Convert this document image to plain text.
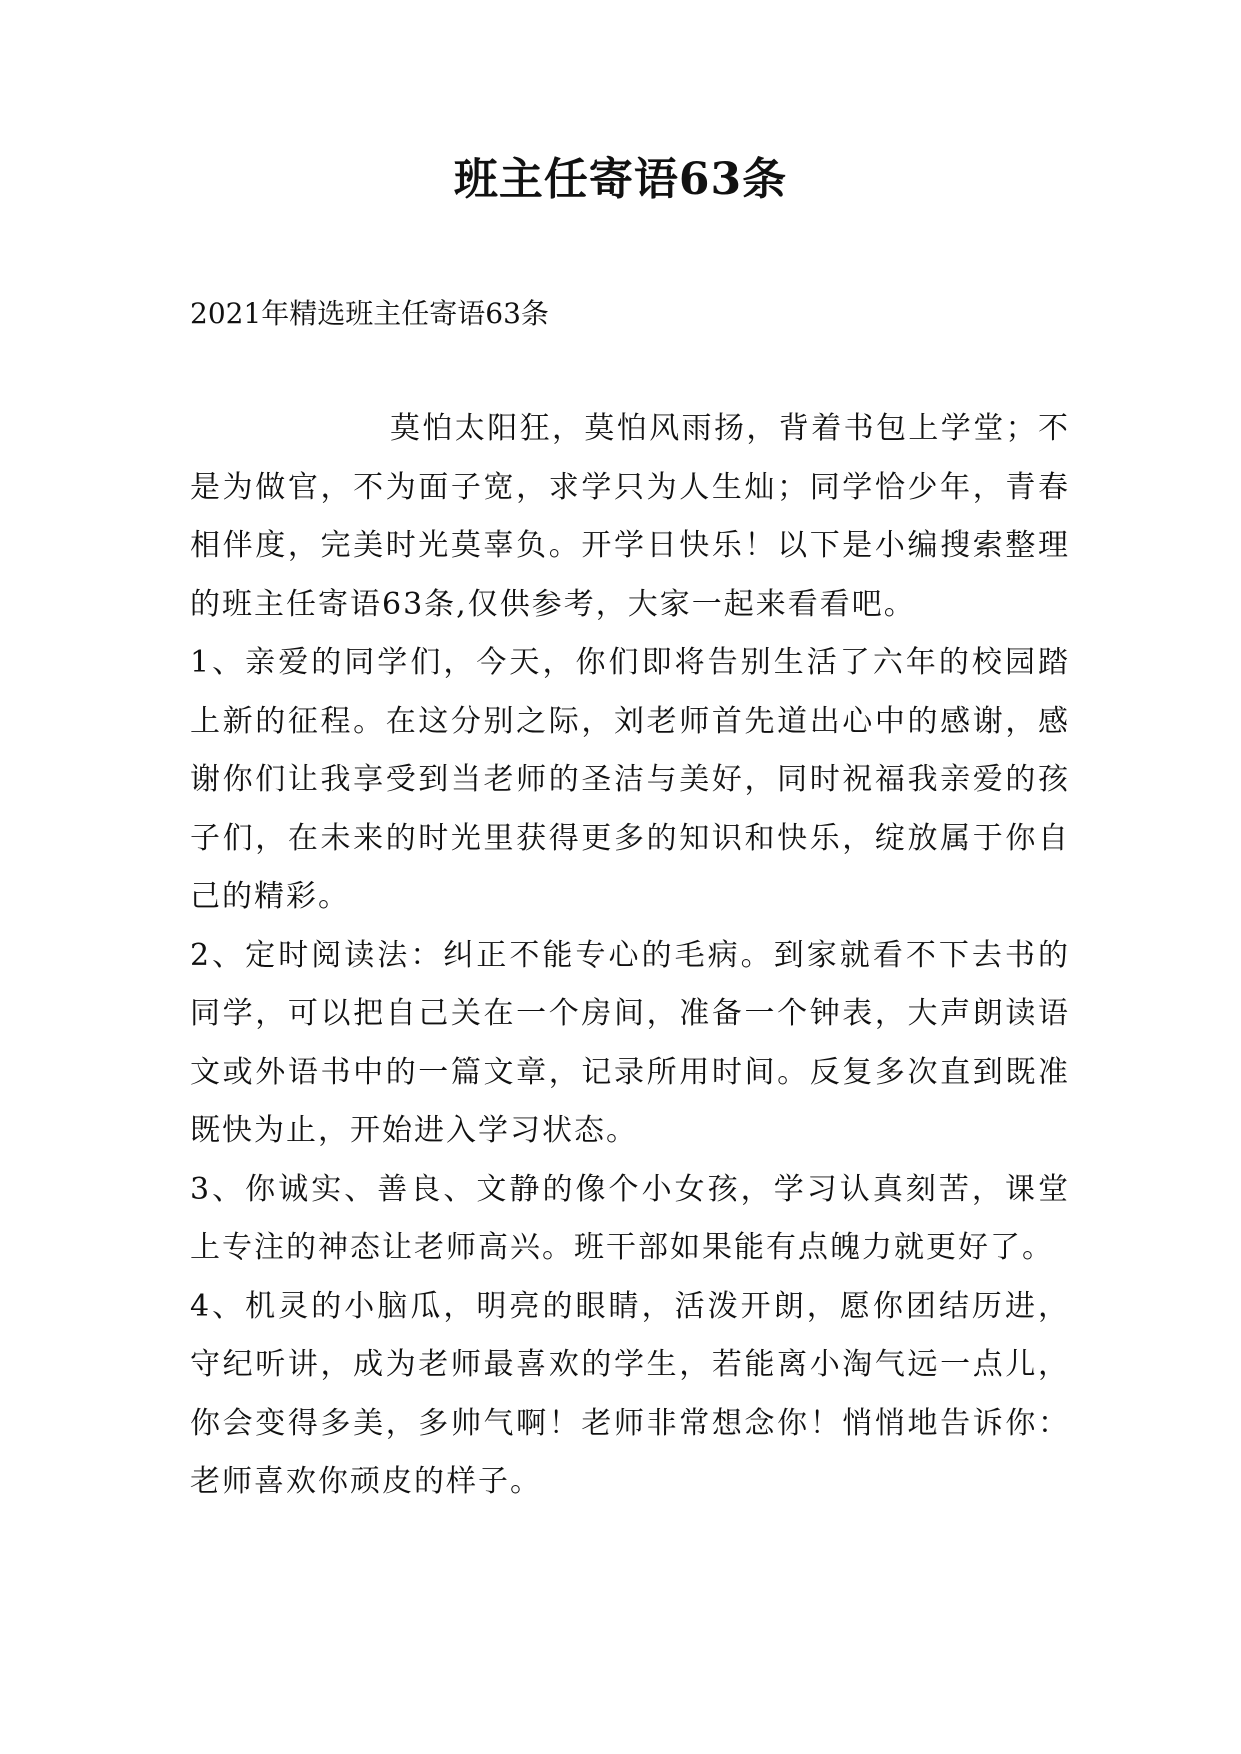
班主任寄语63条

2021年精选班主任寄语63条

莫怕太阳狂，莫怕风雨扬，背着书包上学堂；不是为做官，不为面子宽，求学只为人生灿；同学恰少年，青春相伴度，完美时光莫辜负。开学日快乐！以下是小编搜索整理的班主任寄语63条,仅供参考，大家一起来看看吧。

1、亲爱的同学们，今天，你们即将告别生活了六年的校园踏上新的征程。在这分别之际，刘老师首先道出心中的感谢，感谢你们让我享受到当老师的圣洁与美好，同时祝福我亲爱的孩子们，在未来的时光里获得更多的知识和快乐，绽放属于你自己的精彩。

2、定时阅读法：纠正不能专心的毛病。到家就看不下去书的同学，可以把自己关在一个房间，准备一个钟表，大声朗读语文或外语书中的一篇文章，记录所用时间。反复多次直到既准既快为止，开始进入学习状态。

3、你诚实、善良、文静的像个小女孩，学习认真刻苦，课堂上专注的神态让老师高兴。班干部如果能有点魄力就更好了。

4、机灵的小脑瓜，明亮的眼睛，活泼开朗，愿你团结历进，守纪听讲，成为老师最喜欢的学生，若能离小淘气远一点儿，你会变得多美，多帅气啊！老师非常想念你！悄悄地告诉你：老师喜欢你顽皮的样子。
